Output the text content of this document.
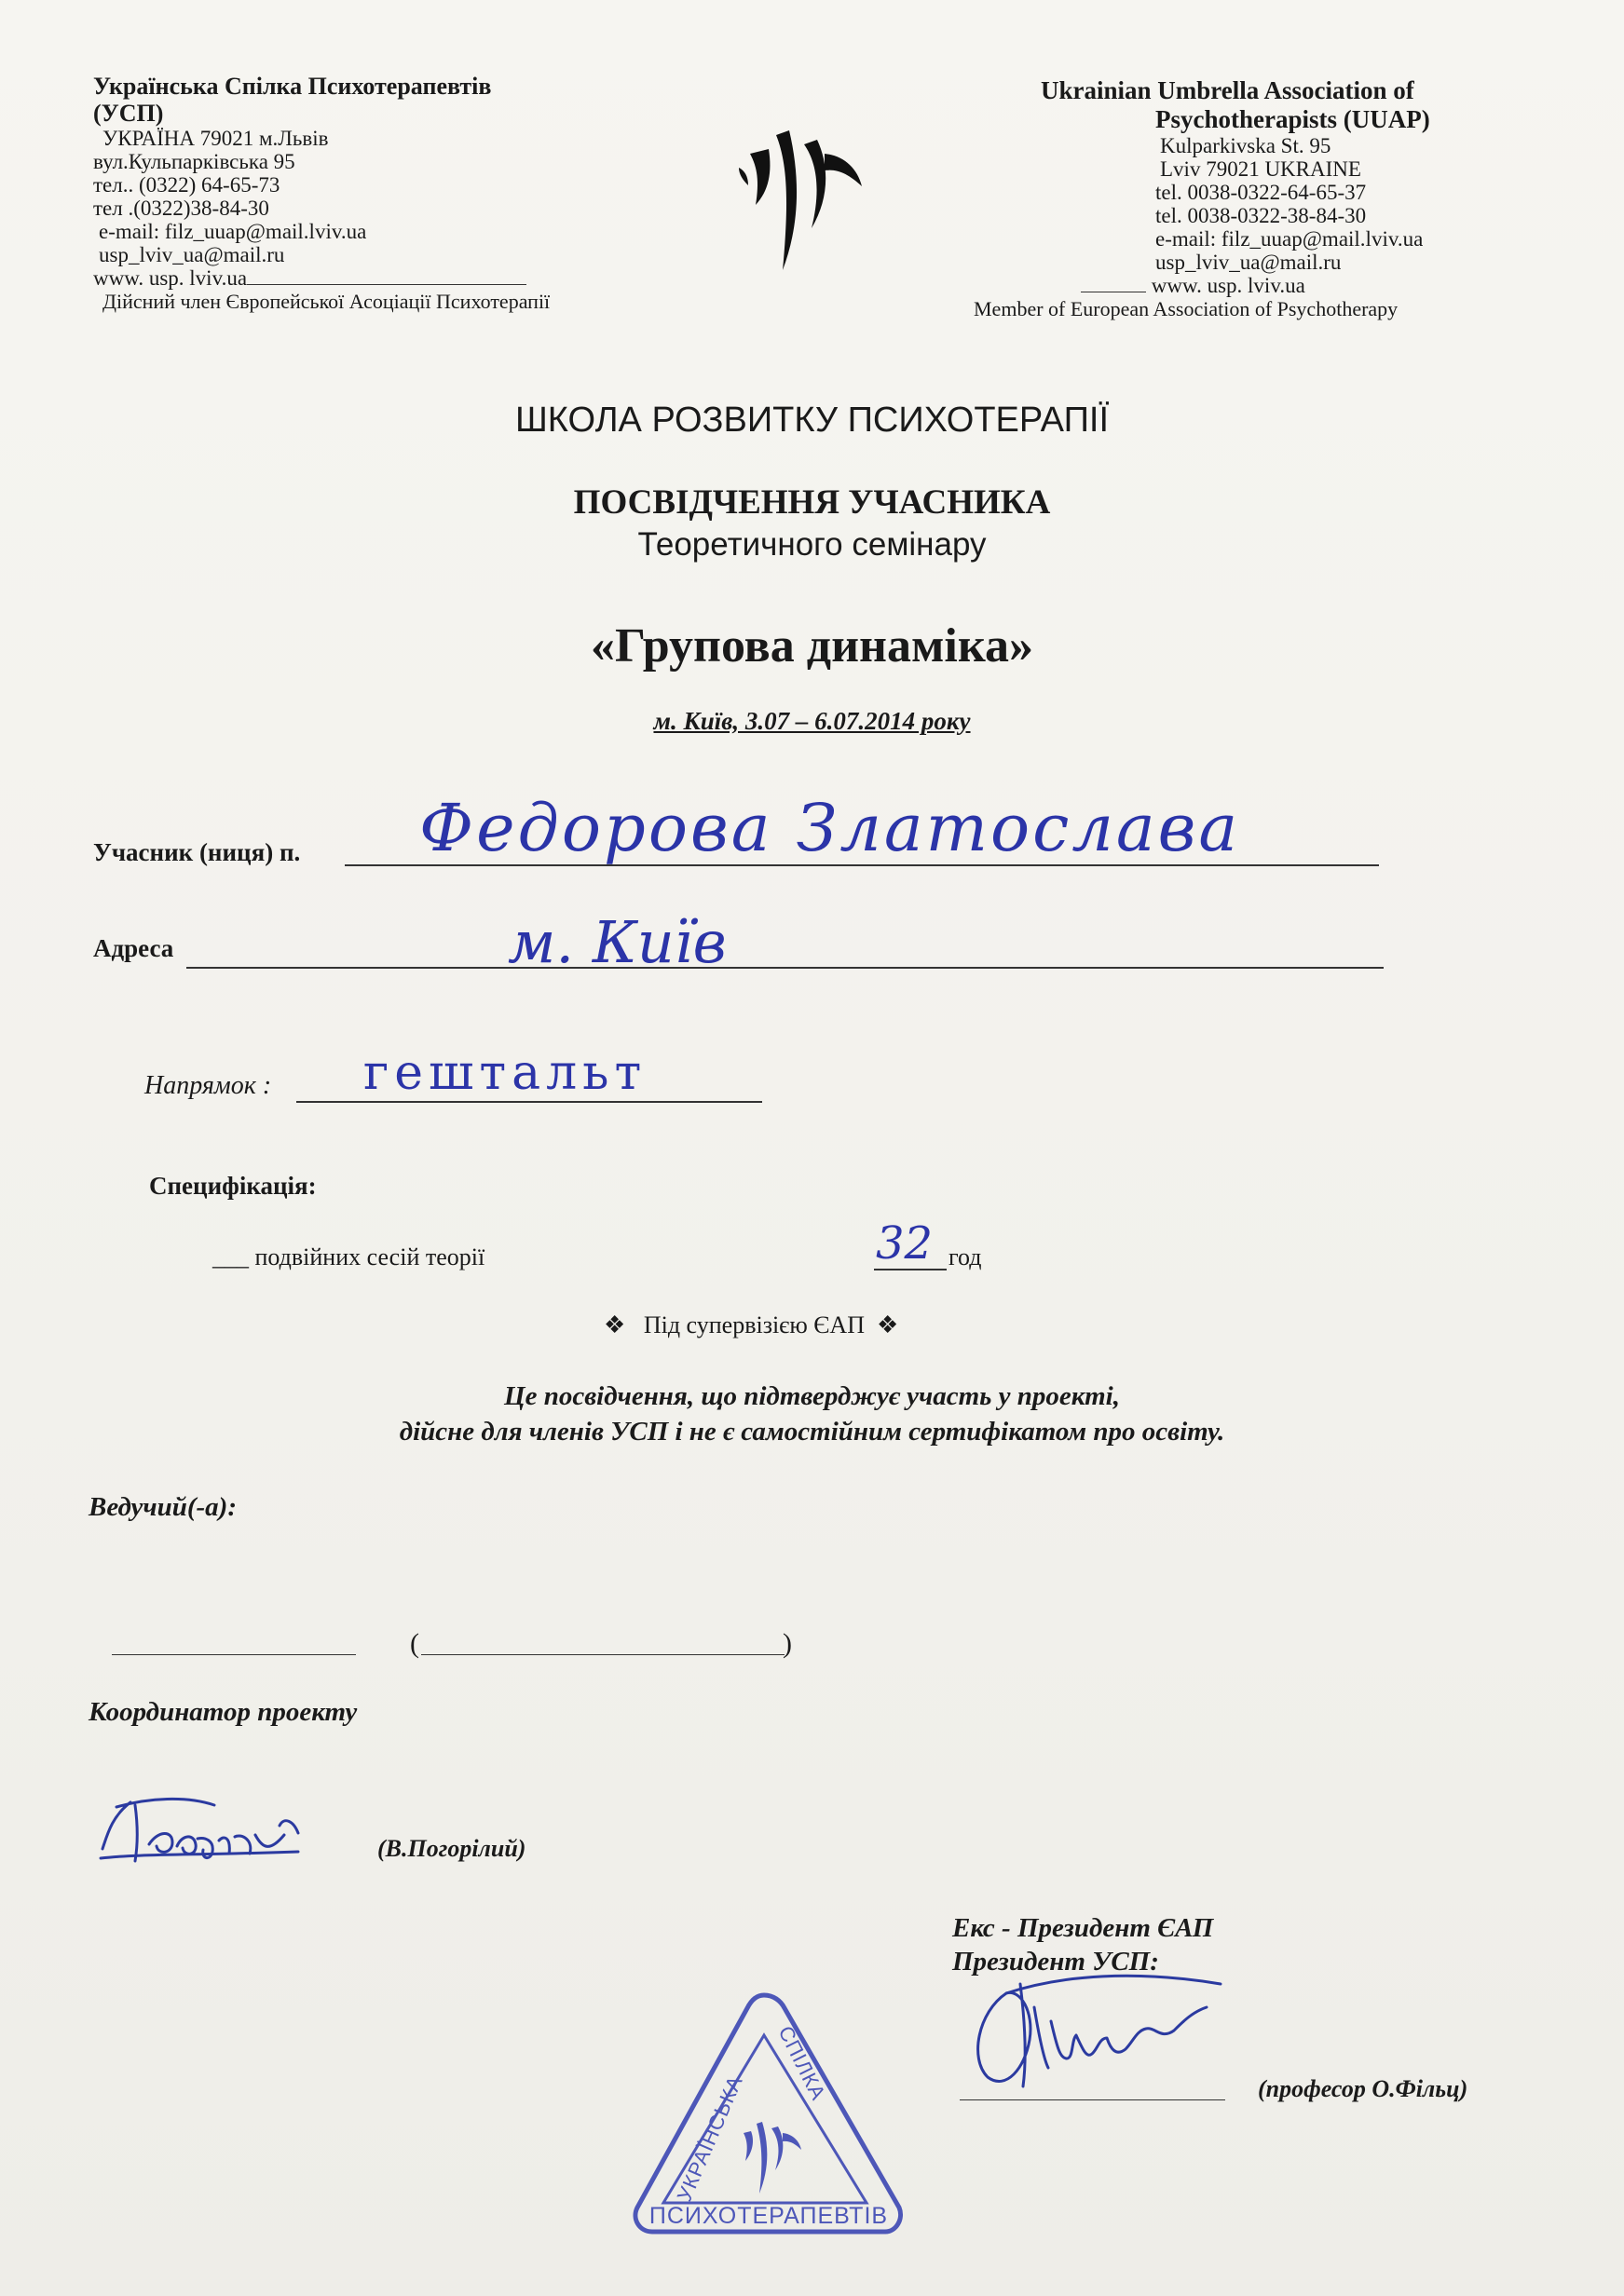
Українська Спілка Психотерапевтів
(УСП)
УКРАЇНА 79021 м.Львів
вул.Кульпарківська 95
тел.. (0322) 64-65-73
тел .(0322)38-84-30
e-mail: filz_uuap@mail.lviv.ua
usp_lviv_ua@mail.ru
www. usp. lviv.ua
Дійсний член Європейської Асоціації Психотерапії
Ukrainian Umbrella Association of
Psychotherapists (UUAP)
Kulparkivska St. 95
Lviv 79021 UKRAINE
tel. 0038-0322-64-65-37
tel. 0038-0322-38-84-30
e-mail: filz_uuap@mail.lviv.ua
usp_lviv_ua@mail.ru
www. usp. lviv.ua
Member of European Association of Psychotherapy
ШКОЛА РОЗВИТКУ ПСИХОТЕРАПІЇ
ПОСВІДЧЕННЯ УЧАСНИКА
Теоретичного семінару
«Групова динаміка»
м. Київ, 3.07 – 6.07.2014 року
Учасник (ниця) п. Федорова Златослава
Адреса	м. Київ
Напрямок : гештальт
Специфікація:
___ подвійних сесій теорії	32 год
❖ Під супервізією ЄАП ❖
Це посвідчення, що підтверджує участь у проекті,
дійсне для членів УСП і не є самостійним сертифікатом про освіту.
Ведучий(-а):
(	)
Координатор проекту
(В.Погорілий)
Екс - Президент ЄАП
Президент УСП:
(професор О.Фільц)
УКРАЇНСЬКА
СПІЛКА
ПСИХОТЕРАПЕВТІВ
